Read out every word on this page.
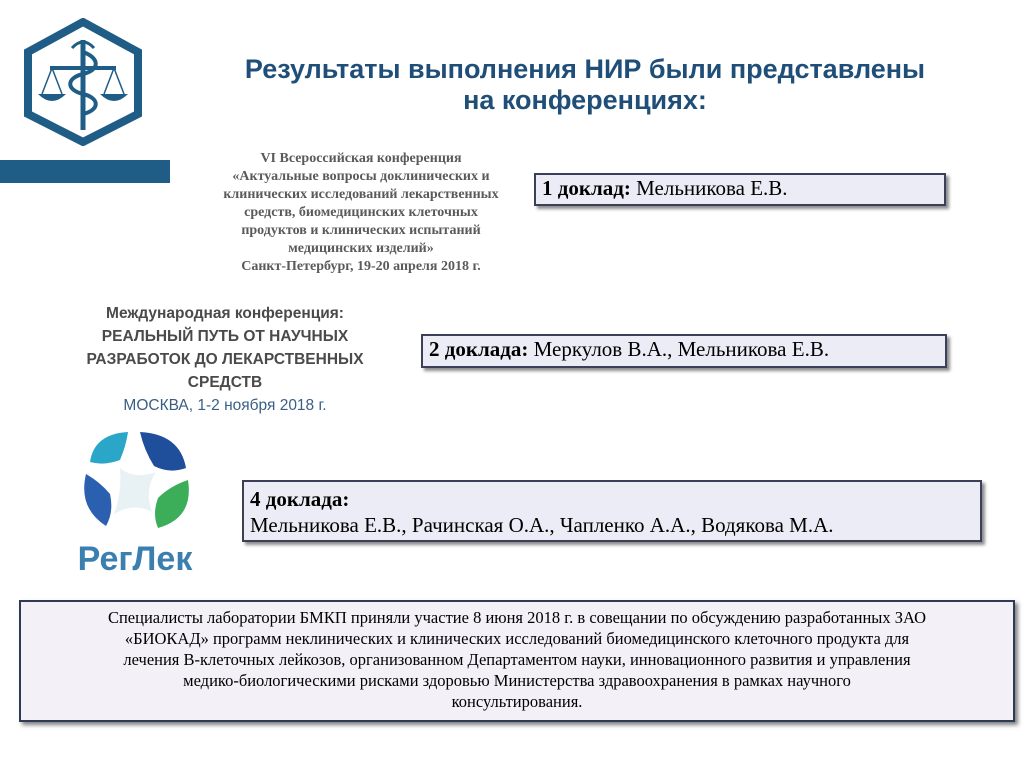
Результаты выполнения НИР были представлены
на конференциях:
VI Всероссийская конференция
«Актуальные вопросы доклинических и
клинических исследований лекарственных
средств, биомедицинских клеточных
продуктов и клинических испытаний
медицинских изделий»
Санкт-Петербург, 19-20 апреля 2018 г.
1 доклад: Мельникова Е.В.
Международная конференция:
РЕАЛЬНЫЙ ПУТЬ ОТ НАУЧНЫХ
РАЗРАБОТОК ДО ЛЕКАРСТВЕННЫХ
СРЕДСТВ
МОСКВА, 1-2 ноября 2018 г.
2 доклада: Меркулов В.А., Мельникова Е.В.
РегЛек
4 доклада:
Мельникова Е.В., Рачинская О.А., Чапленко А.А., Водякова М.А.
Специалисты лаборатории БМКП приняли участие 8 июня 2018 г. в совещании по обсуждению разработанных ЗАО
«БИОКАД» программ неклинических и клинических исследований биомедицинского клеточного продукта для
лечения B-клеточных лейкозов, организованном Департаментом науки, инновационного развития и управления
медико-биологическими рисками здоровью Министерства здравоохранения в рамках научного
консультирования.
